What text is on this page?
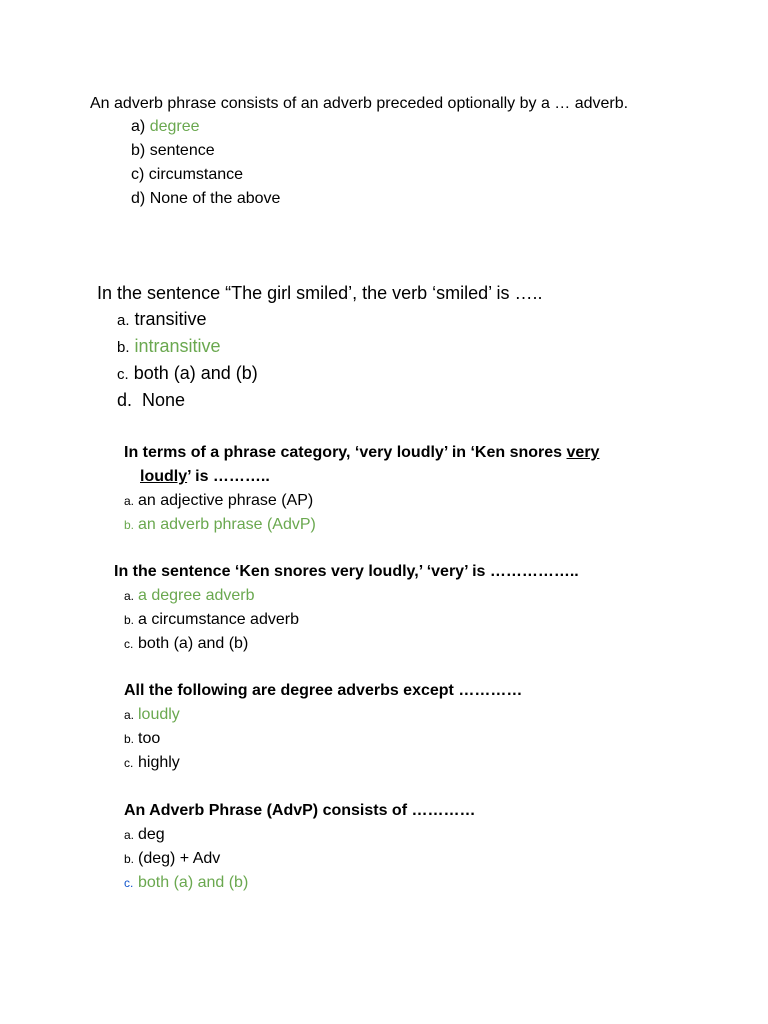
An adverb phrase consists of an adverb preceded optionally by a … adverb.
a) degree
b) sentence
c) circumstance
d) None of the above
In the sentence “The girl smiled’, the verb ‘smiled’ is …..
a. transitive
b. intransitive
c. both (a) and (b)
d. None
In terms of a phrase category, ‘very loudly’ in ‘Ken snores very
loudly’ is ………..
a. an adjective phrase (AP)
b. an adverb phrase (AdvP)
In the sentence ‘Ken snores very loudly,’ ‘very’ is ……………..
a. a degree adverb
b. a circumstance adverb
c. both (a) and (b)
All the following are degree adverbs except …………
a. loudly
b. too
c. highly
An Adverb Phrase (AdvP) consists of …………
a. deg
b. (deg) + Adv
c. both (a) and (b)
